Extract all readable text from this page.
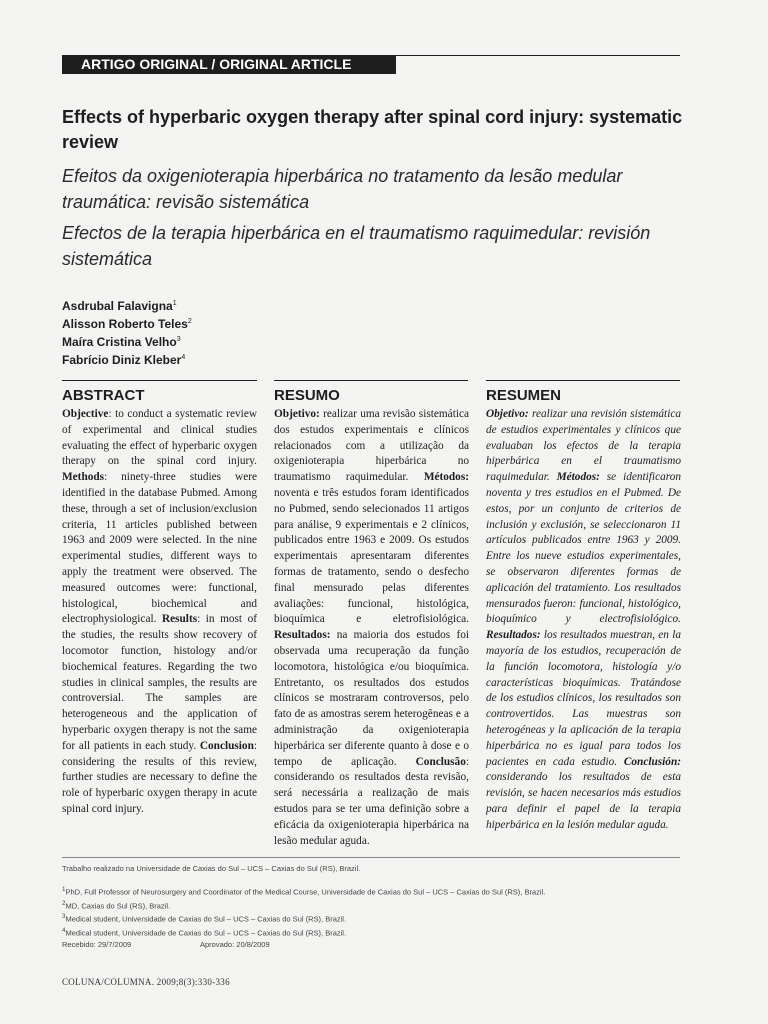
ARTIGO ORIGINAL / ORIGINAL ARTICLE
Effects of hyperbaric oxygen therapy after spinal cord injury: systematic review
Efeitos da oxigenioterapia hiperbárica no tratamento da lesão medular traumática: revisão sistemática
Efectos de la terapia hiperbárica en el traumatismo raquimedular: revisión sistemática
Asdrubal Falavigna$^1$
Alisson Roberto Teles$^2$
Maíra Cristina Velho$^3$
Fabrício Diniz Kleber$^4$
ABSTRACT

Objective: to conduct a systematic review of experimental and clinical studies evaluating the effect of hyperbaric oxygen therapy on the spinal cord injury. Methods: ninety-three studies were identified in the database Pubmed. Among these, through a set of inclusion/exclusion criteria, 11 articles published between 1963 and 2009 were selected. In the nine experimental studies, different ways to apply the treatment were observed. The measured outcomes were: functional, histological, biochemical and electrophysiological. Results: in most of the studies, the results show recovery of locomotor function, histology and/or biochemical features. Regarding the two studies in clinical samples, the results are controversial. The samples are heterogeneous and the application of hyperbaric oxygen therapy is not the same for all patients in each study. Conclusion: considering the results of this review, further studies are necessary to define the role of hyperbaric oxygen therapy in acute spinal cord injury.

RESUMO

Objetivo: realizar uma revisão sistemática dos estudos experimentais e clínicos relacionados com a utilização da oxigenioterapia hiperbárica no traumatismo raquimedular. Métodos: noventa e três estudos foram identificados no Pubmed, sendo selecionados 11 artigos para análise, 9 experimentais e 2 clínicos, publicados entre 1963 e 2009. Os estudos experimentais apresentaram diferentes formas de tratamento, sendo o desfecho final mensurado pelas diferentes avaliações: funcional, histológica, bioquímica e eletrofisiológica. Resultados: na maioria dos estudos foi observada uma recuperação da função locomotora, histológica e/ou bioquímica. Entretanto, os resultados dos estudos clínicos se mostraram controversos, pelo fato de as amostras serem heterogêneas e a administração da oxigenioterapia hiperbárica ser diferente quanto à dose e o tempo de aplicação. Conclusão: considerando os resultados desta revisão, será necessária a realização de mais estudos para se ter uma definição sobre a eficácia da oxigenioterapia hiperbárica na lesão medular aguda.

RESUMEN

Objetivo: realizar una revisión sistemática de estudios experimentales y clínicos que evaluaban los efectos de la terapia hiperbárica en el traumatismo raquimedular. Métodos: se identificaron noventa y tres estudios en el Pubmed. De estos, por un conjunto de criterios de inclusión y exclusión, se seleccionaron 11 artículos publicados entre 1963 y 2009. Entre los nueve estudios experimentales, se observaron diferentes formas de aplicación del tratamiento. Los resultados mensurados fueron: funcional, histológico, bioquímico y electrofisiológico. Resultados: los resultados muestran, en la mayoría de los estudios, recuperación de la función locomotora, histología y/o características bioquímicas. Tratándose de los estudios clínicos, los resultados son controvertidos. Las muestras son heterogéneas y la aplicación de la terapia hiperbárica no es igual para todos los pacientes en cada estudio. Conclusión: considerando los resultados de esta revisión, se hacen necesarios más estudios para definir el papel de la terapia hiperbárica en la lesión medular aguda.

Trabalho realizado na Universidade de Caxias do Sul – UCS – Caxias do Sul (RS), Brazil.
$^1$PhD, Full Professor of Neurosurgery and Coordinator of the Medical Course, Universidade de Caxias do Sul – UCS – Caxias do Sul (RS), Brazil.
$^2$MD, Caxias do Sul (RS), Brazil.
$^3$Medical student, Universidade de Caxias do Sul – UCS – Caxias do Sul (RS), Brazil.
$^4$Medical student, Universidade de Caxias do Sul – UCS – Caxias do Sul (RS), Brazil.
Recebido: 29/7/2009	Aprovado: 20/8/2009
COLUNA/COLUMNA. 2009;8(3):330-336
